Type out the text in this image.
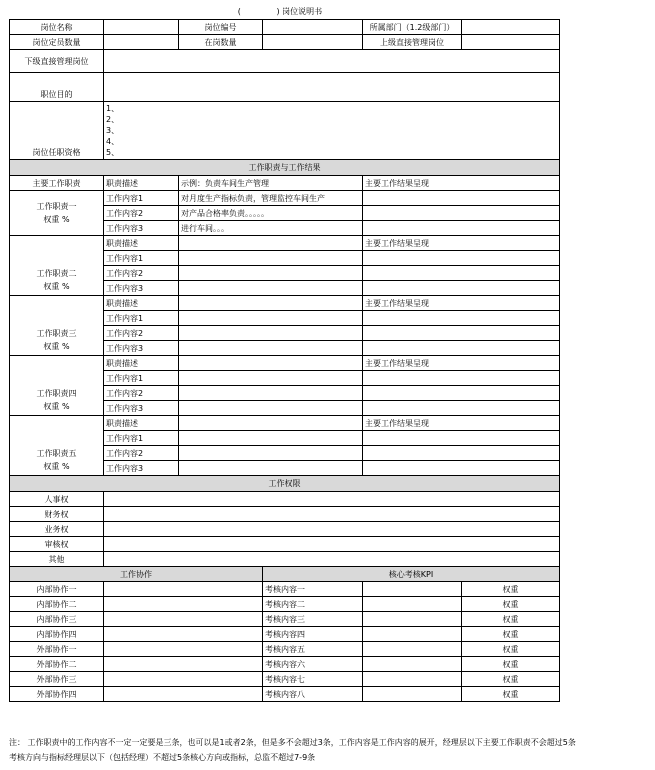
(              ) 岗位说明书
岗位名称		岗位编号		所属部门（1.2级部门）	
岗位定员数量		在岗数量		上级直接管理岗位	
下级直接管理岗位					
职位目的					
岗位任职资格	1、
2、
3、
4、
5、				

工作职责与工作结果					
主要工作职责	职责描述	示例：负责车间生产管理		主要工作结果呈现	

工作职责一
权重 %	工作内容1	对月度生产指标负责，管理监控车间生产			
	工作内容2	对产品合格率负责。。。。。			
	工作内容3	进行车间。。。			

工作职责二
权重 %	职责描述			主要工作结果呈现	
	工作内容1				
	工作内容2				
	工作内容3				

工作职责三
权重 %	职责描述			主要工作结果呈现	
	工作内容1				
	工作内容2				
	工作内容3				

工作职责四
权重 %	职责描述			主要工作结果呈现	
	工作内容1				
	工作内容2				
	工作内容3				

工作职责五
权重 %	职责描述			主要工作结果呈现	
	工作内容1				
	工作内容2				
	工作内容3				
工作权限					
人事权					
财务权					
业务权					
审核权					
其他					
工作协作			核心考核KPI		
内部协作一			考核内容一		权重
内部协作二			考核内容二		权重
内部协作三			考核内容三		权重
内部协作四			考核内容四		权重
外部协作一			考核内容五		权重
外部协作二			考核内容六		权重
外部协作三			考核内容七		权重
外部协作四			考核内容八		权重
注： 工作职责中的工作内容不一定一定要是三条，也可以是1或者2条，但是多不会超过3条，工作内容是工作内容的展开，经理层以下主要工作职责不会超过5条
考核方向与指标经理层以下（包括经理）不超过5条核心方向或指标，总监不超过7-9条
